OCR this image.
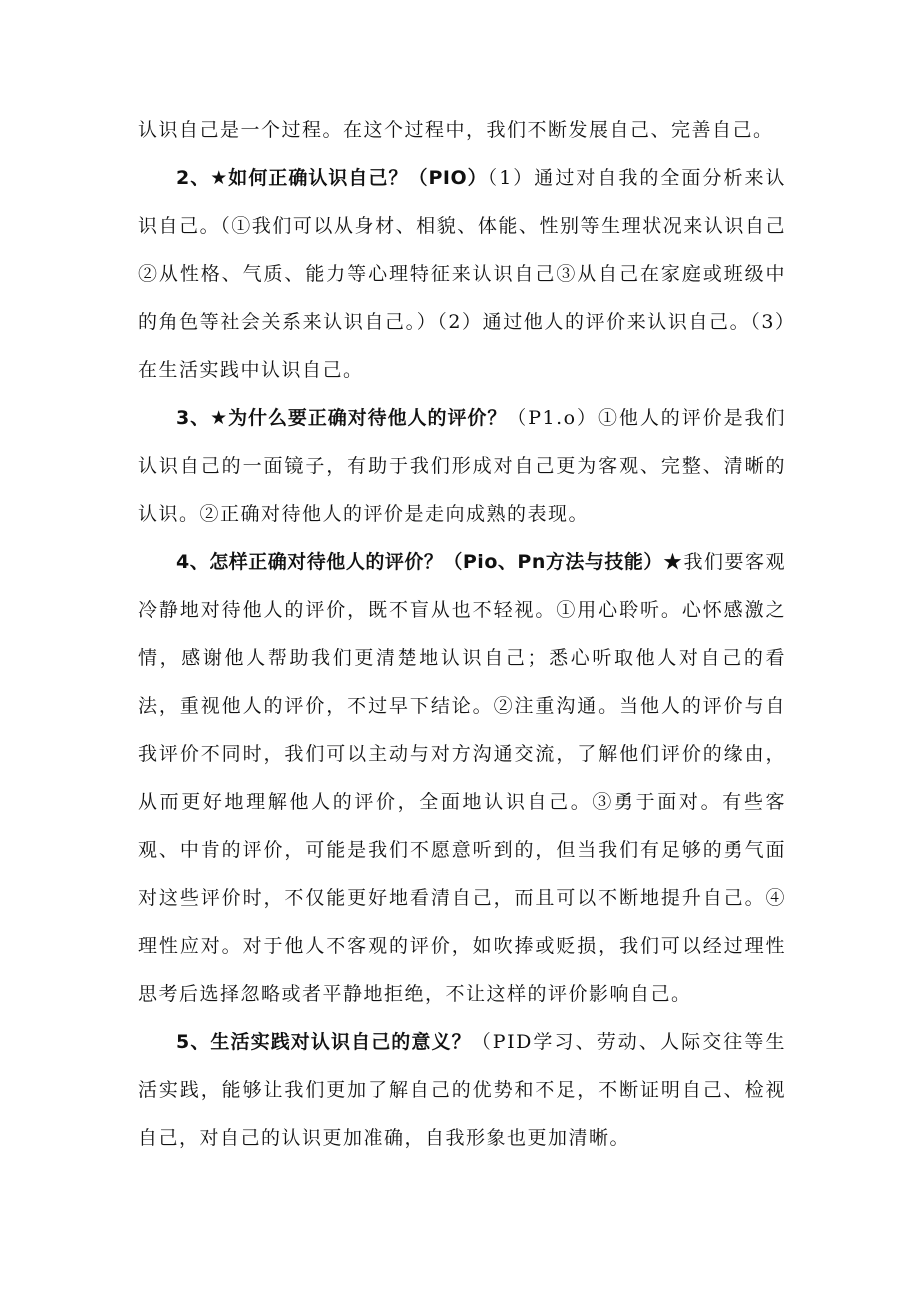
认识自己是一个过程。在这个过程中，我们不断发展自己、完善自己。

2、★如何正确认识自己？（PIO）（1）通过对自我的全面分析来认识自己。（①我们可以从身材、相貌、体能、性别等生理状况来认识自己②从性格、气质、能力等心理特征来认识自己③从自己在家庭或班级中的角色等社会关系来认识自己。）（2）通过他人的评价来认识自己。（3）在生活实践中认识自己。

3、★为什么要正确对待他人的评价？（P1.o）①他人的评价是我们认识自己的一面镜子，有助于我们形成对自己更为客观、完整、清晰的认识。②正确对待他人的评价是走向成熟的表现。

4、怎样正确对待他人的评价？（Pio、Pn方法与技能）★我们要客观冷静地对待他人的评价，既不盲从也不轻视。①用心聆听。心怀感激之情，感谢他人帮助我们更清楚地认识自己；悉心听取他人对自己的看法，重视他人的评价，不过早下结论。②注重沟通。当他人的评价与自我评价不同时，我们可以主动与对方沟通交流，了解他们评价的缘由，从而更好地理解他人的评价，全面地认识自己。③勇于面对。有些客观、中肯的评价，可能是我们不愿意听到的，但当我们有足够的勇气面对这些评价时，不仅能更好地看清自己，而且可以不断地提升自己。④理性应对。对于他人不客观的评价，如吹捧或贬损，我们可以经过理性思考后选择忽略或者平静地拒绝，不让这样的评价影响自己。

5、生活实践对认识自己的意义？（PID学习、劳动、人际交往等生活实践，能够让我们更加了解自己的优势和不足，不断证明自己、检视自己，对自己的认识更加准确，自我形象也更加清晰。
